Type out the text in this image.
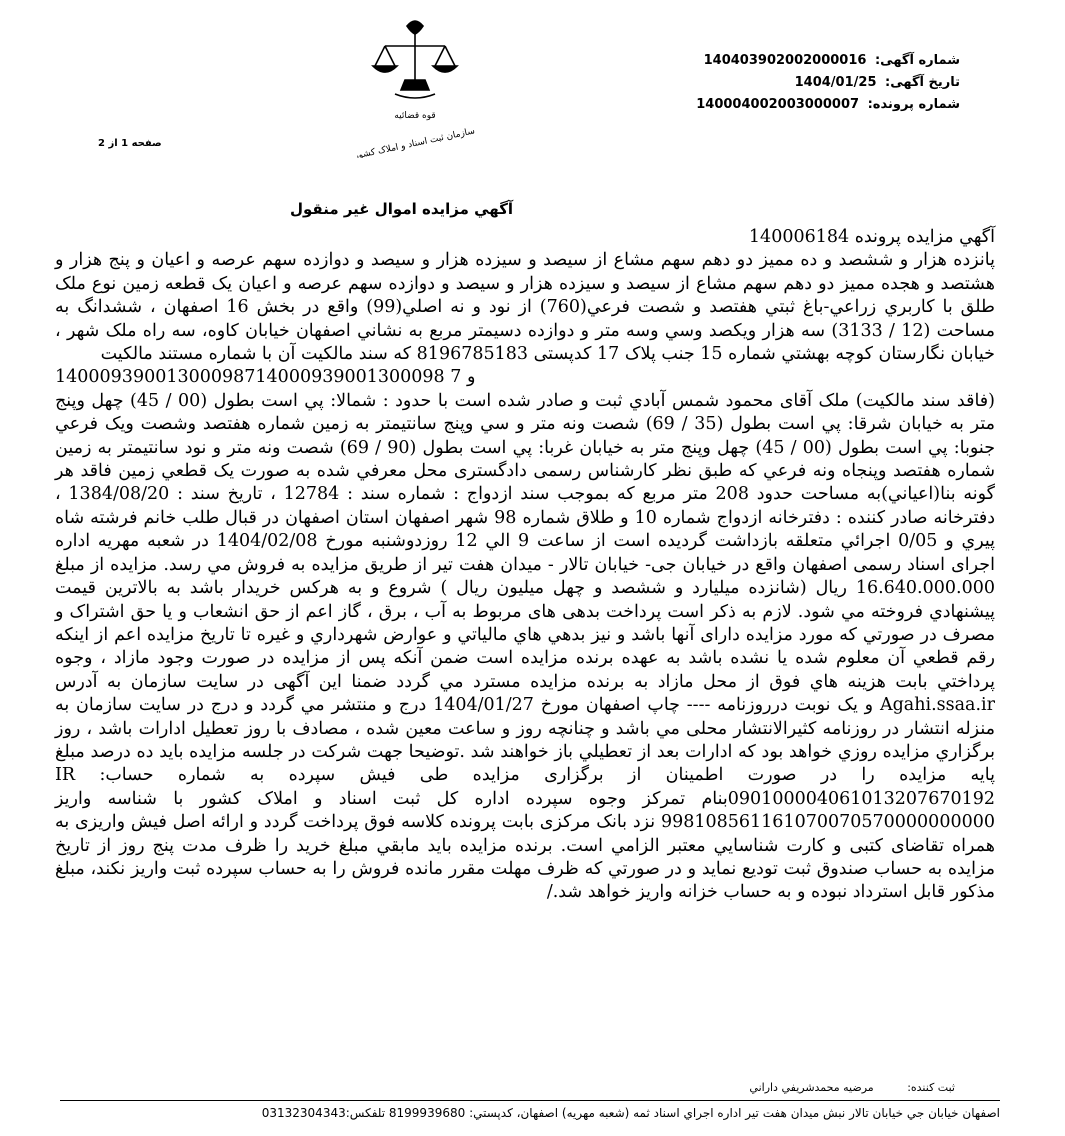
شماره آگهی: 140403902002000016
تاریخ آگهی: 1404/01/25
شماره پرونده: 140004002003000007
قوه قضائیه
سازمان ثبت اسناد و املاک کشور
صفحه 1 از 2
آگهي مزايده اموال غير منقول

آگهي مزايده پرونده 140006184

پانزده هزار و ششصد و ده مميز دو دهم سهم مشاع از سيصد و سيزده هزار و سيصد و دوازده سهم عرصه و اعيان و پنج هزار و هشتصد و هجده مميز دو دهم سهم مشاع از سيصد و سيزده هزار و سيصد و دوازده سهم عرصه و اعيان يک قطعه زمين نوع ملک طلق با کاربري زراعي-باغ ثبتي هفتصد و شصت فرعي(760) از نود و نه اصلي(99) واقع در بخش 16 اصفهان ، ششدانگ به مساحت (12 / 3133) سه هزار ويکصد وسي وسه متر و دوازده دسيمتر مربع به نشاني اصفهان خيابان کاوه، سه راه ملک شهر ، خيابان نگارستان کوچه بهشتي شماره 15 جنب پلاک 17 کدپستی 8196785183 که سند مالکيت آن با شماره مستند مالکيت

14000939001300098714000939001300098 و 7

(فاقد سند مالکيت) ملک آقای محمود شمس آبادي ثبت و صادر شده است با حدود : شمالا: پي است بطول (00 / 45) چهل وپنج متر به خيابان شرقا: پي است بطول (35 / 69) شصت ونه متر و سي وپنج سانتيمتر به زمين شماره هفتصد وشصت ويک فرعي جنوبا: پي است بطول (00 / 45) چهل وپنج متر به خيابان غربا: پي است بطول (90 / 69) شصت ونه متر و نود سانتيمتر به زمين شماره هفتصد وپنجاه ونه فرعي که طبق نظر کارشناس رسمی دادگستری محل معرفي شده به صورت يک قطعي زمين فاقد هر گونه بنا(اعياني)به مساحت حدود 208 متر مربع که بموجب سند ازدواج : شماره سند : 12784 ، تاريخ سند : 1384/08/20 ، دفترخانه صادر کننده : دفترخانه ازدواج شماره 10 و طلاق شماره 98 شهر اصفهان استان اصفهان در قبال طلب خانم فرشته شاه پيري و 0/05 اجرائي متعلقه بازداشت گرديده است از ساعت 9 الي 12 روزدوشنبه مورخ 1404/02/08 در شعبه مهريه اداره اجرای اسناد رسمی اصفهان واقع در خيابان جی- خيابان تالار - ميدان هفت تير از طريق مزايده به فروش مي رسد. مزايده از مبلغ 16.640.000.000 ريال (شانزده ميليارد و ششصد و چهل ميليون ريال ) شروع و به هرکس خريدار باشد به بالاترين قيمت پيشنهادي فروخته مي شود. لازم به ذکر است پرداخت بدهی های مربوط به آب ، برق ، گاز اعم از حق انشعاب و يا حق اشتراک و مصرف در صورتي که مورد مزايده دارای آنها باشد و نيز بدهي هاي مالياتي و عوارض شهرداري و غيره تا تاريخ مزايده اعم از اينکه رقم قطعي آن معلوم شده يا نشده باشد به عهده برنده مزايده است ضمن آنکه پس از مزايده در صورت وجود مازاد ، وجوه پرداختي بابت هزينه هاي فوق از محل مازاد به برنده مزايده مسترد مي گردد ضمنا اين آگهی در سايت سازمان به آدرس Agahi.ssaa.ir و يک نوبت درروزنامه ---- چاپ اصفهان مورخ 1404/01/27 درج و منتشر مي گردد و درج در سايت سازمان به منزله انتشار در روزنامه کثيرالانتشار محلی مي باشد و چنانچه روز و ساعت معين شده ، مصادف با روز تعطيل ادارات باشد ، روز برگزاري مزايده روزي خواهد بود که ادارات بعد از تعطيلي باز خواهند شد .توضيحا جهت شرکت در جلسه مزايده بايد ده درصد مبلغ پايه مزايده را در صورت اطمينان از برگزاری مزايده طی فيش سپرده به شماره حساب: IR 090100004061013207670192بنام تمرکز وجوه سپرده اداره کل ثبت اسناد و املاک کشور با شناسه واريز 998108561161070070570000000000 نزد بانک مرکزی بابت پرونده کلاسه فوق پرداخت گردد و ارائه اصل فيش واريزی به همراه تقاضای کتبی و کارت شناسايي معتبر الزامي است. برنده مزايده بايد مابقي مبلغ خريد را ظرف مدت پنج روز از تاريخ مزايده به حساب صندوق ثبت توديع نمايد و در صورتي که ظرف مهلت مقرر مانده فروش را به حساب سپرده ثبت واريز نکند، مبلغ مذکور قابل استرداد نبوده و به حساب خزانه واريز خواهد شد./

ثبت کننده: مرضيه محمدشريفي داراني
اصفهان خيابان جي خيابان تالار نبش ميدان هفت تير اداره اجراي اسناد ثمه (شعبه مهريه) اصفهان، کدپستي: 8199939680 تلفکس:03132304343
